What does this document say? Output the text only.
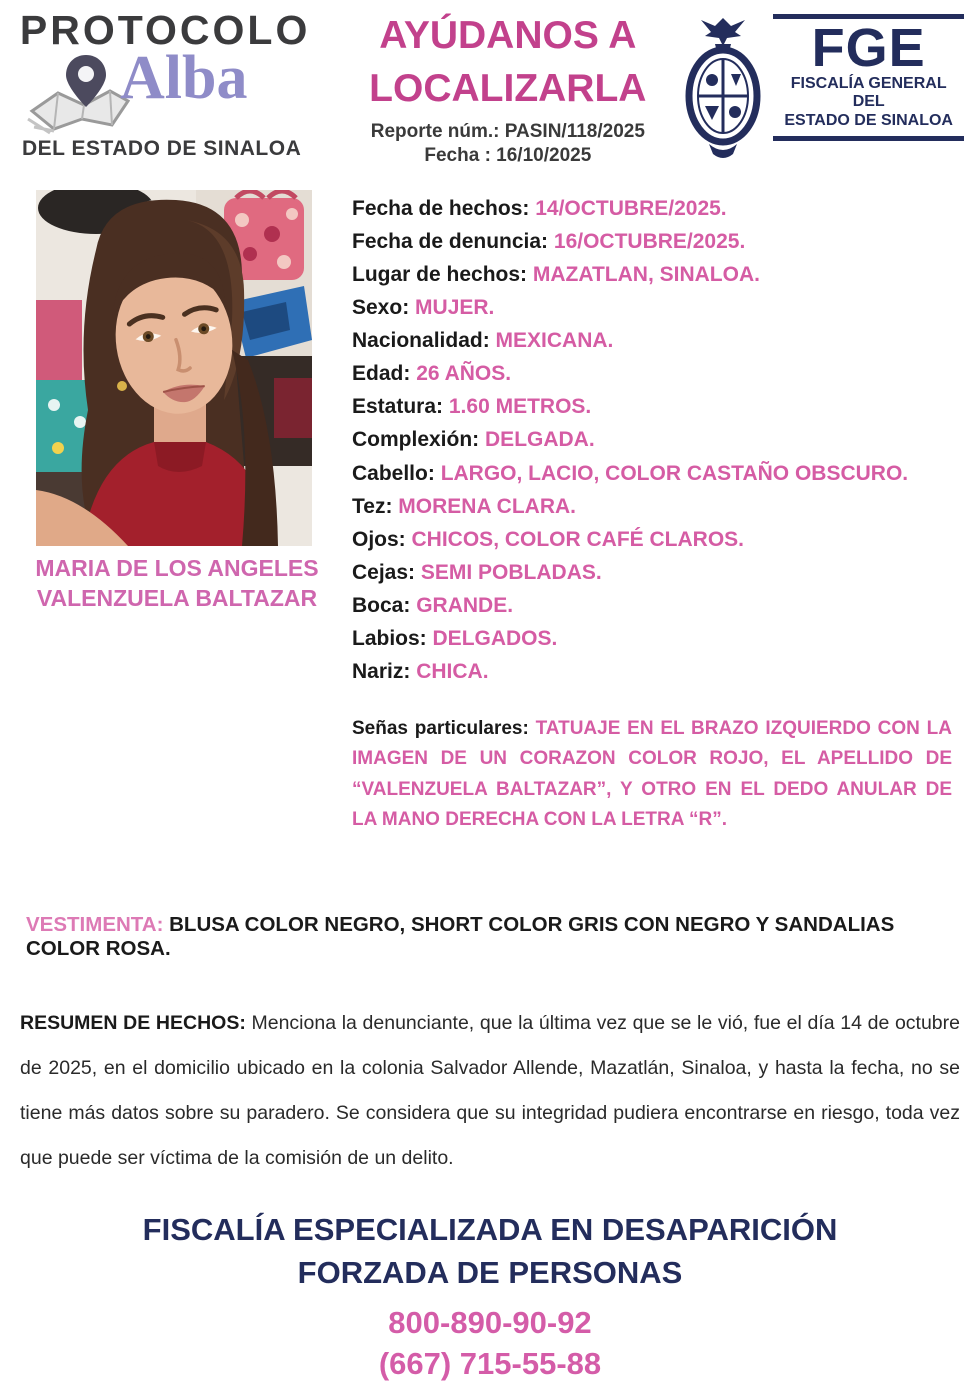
PROTOCOLO
Alba
DEL ESTADO DE SINALOA
AYÚDANOS A
LOCALIZARLA
Reporte núm.: PASIN/118/2025
Fecha : 16/10/2025
FGE
FISCALÍA GENERAL DEL
ESTADO DE SINALOA
MARIA DE LOS ANGELES
VALENZUELA BALTAZAR
Fecha de hechos: 14/OCTUBRE/2025.
Fecha de denuncia: 16/OCTUBRE/2025.
Lugar de hechos: MAZATLAN, SINALOA.
Sexo: MUJER.
Nacionalidad: MEXICANA.
Edad: 26 AÑOS.
Estatura: 1.60 METROS.
Complexión: DELGADA.
Cabello: LARGO, LACIO, COLOR CASTAÑO OBSCURO.
Tez: MORENA CLARA.
Ojos: CHICOS, COLOR CAFÉ CLAROS.
Cejas: SEMI POBLADAS.
Boca: GRANDE.
Labios: DELGADOS.
Nariz: CHICA.

Señas particulares: TATUAJE EN EL BRAZO IZQUIERDO CON LA IMAGEN DE UN CORAZON COLOR ROJO, EL APELLIDO DE “VALENZUELA BALTAZAR”, Y OTRO EN EL DEDO ANULAR DE LA MANO DERECHA CON LA LETRA “R”.

VESTIMENTA: BLUSA COLOR NEGRO, SHORT COLOR GRIS CON NEGRO Y SANDALIAS COLOR ROSA.
RESUMEN DE HECHOS: Menciona la denunciante, que la última vez que se le vió, fue el día 14 de octubre de 2025, en el domicilio ubicado en la colonia Salvador Allende, Mazatlán, Sinaloa, y hasta la fecha, no se tiene más datos sobre su paradero. Se considera que su integridad pudiera encontrarse en riesgo, toda vez que puede ser víctima de la comisión de un delito.
FISCALÍA ESPECIALIZADA EN DESAPARICIÓN
FORZADA DE PERSONAS
800-890-90-92
(667) 715-55-88
